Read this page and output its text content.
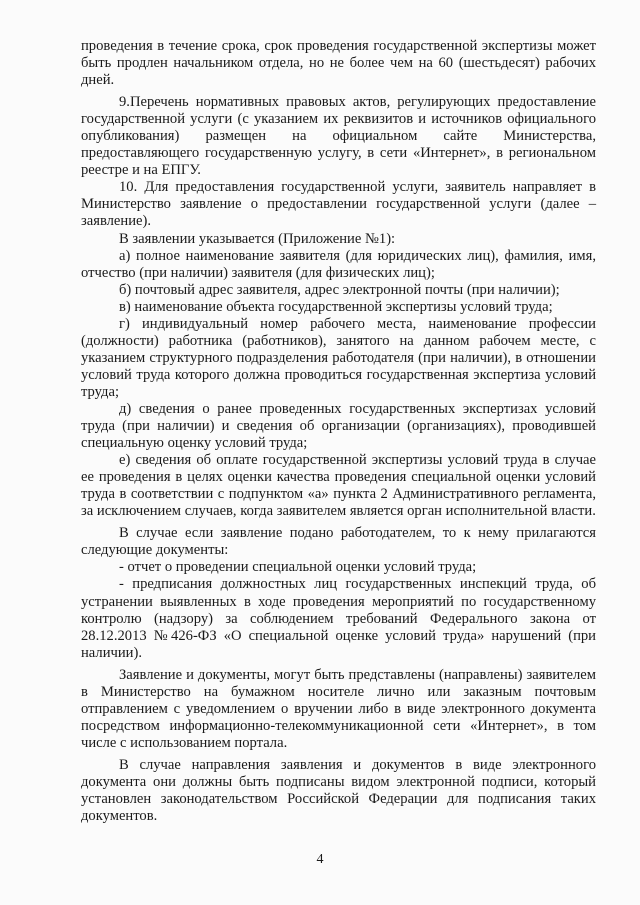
проведения в течение срока, срок проведения государственной экспертизы может быть продлен начальником отдела, но не более чем на 60 (шестьдесят) рабочих дней.

9.Перечень нормативных правовых актов, регулирующих предоставление государственной услуги (с указанием их реквизитов и источников официального опубликования) размещен на официальном сайте Министерства, предоставляющего государственную услугу, в сети «Интернет», в региональном реестре и на ЕПГУ.

10. Для предоставления государственной услуги, заявитель направляет в Министерство заявление о предоставлении государственной услуги (далее – заявление).

В заявлении указывается (Приложение №1):

а) полное наименование заявителя (для юридических лиц), фамилия, имя, отчество (при наличии) заявителя (для физических лиц);

б) почтовый адрес заявителя, адрес электронной почты (при наличии);

в) наименование объекта государственной экспертизы условий труда;

г) индивидуальный номер рабочего места, наименование профессии (должности) работника (работников), занятого на данном рабочем месте, с указанием структурного подразделения работодателя (при наличии), в отношении условий труда которого должна проводиться государственная экспертиза условий труда;

д) сведения о ранее проведенных государственных экспертизах условий труда (при наличии) и сведения об организации (организациях), проводившей специальную оценку условий труда;

е) сведения об оплате государственной экспертизы условий труда в случае ее проведения в целях оценки качества проведения специальной оценки условий труда в соответствии с подпунктом «а» пункта 2 Административного регламента, за исключением случаев, когда заявителем является орган исполнительной власти.

В случае если заявление подано работодателем, то к нему прилагаются следующие документы:

- отчет о проведении специальной оценки условий труда;

- предписания должностных лиц государственных инспекций труда, об устранении выявленных в ходе проведения мероприятий по государственному контролю (надзору) за соблюдением требований Федерального закона от 28.12.2013 №426-ФЗ «О специальной оценке условий труда» нарушений (при наличии).

Заявление и документы, могут быть представлены (направлены) заявителем в Министерство на бумажном носителе лично или заказным почтовым отправлением с уведомлением о вручении либо в виде электронного документа посредством информационно-телекоммуникационной сети «Интернет», в том числе с использованием портала.

В случае направления заявления и документов в виде электронного документа они должны быть подписаны видом электронной подписи, который установлен законодательством Российской Федерации для подписания таких документов.

4
